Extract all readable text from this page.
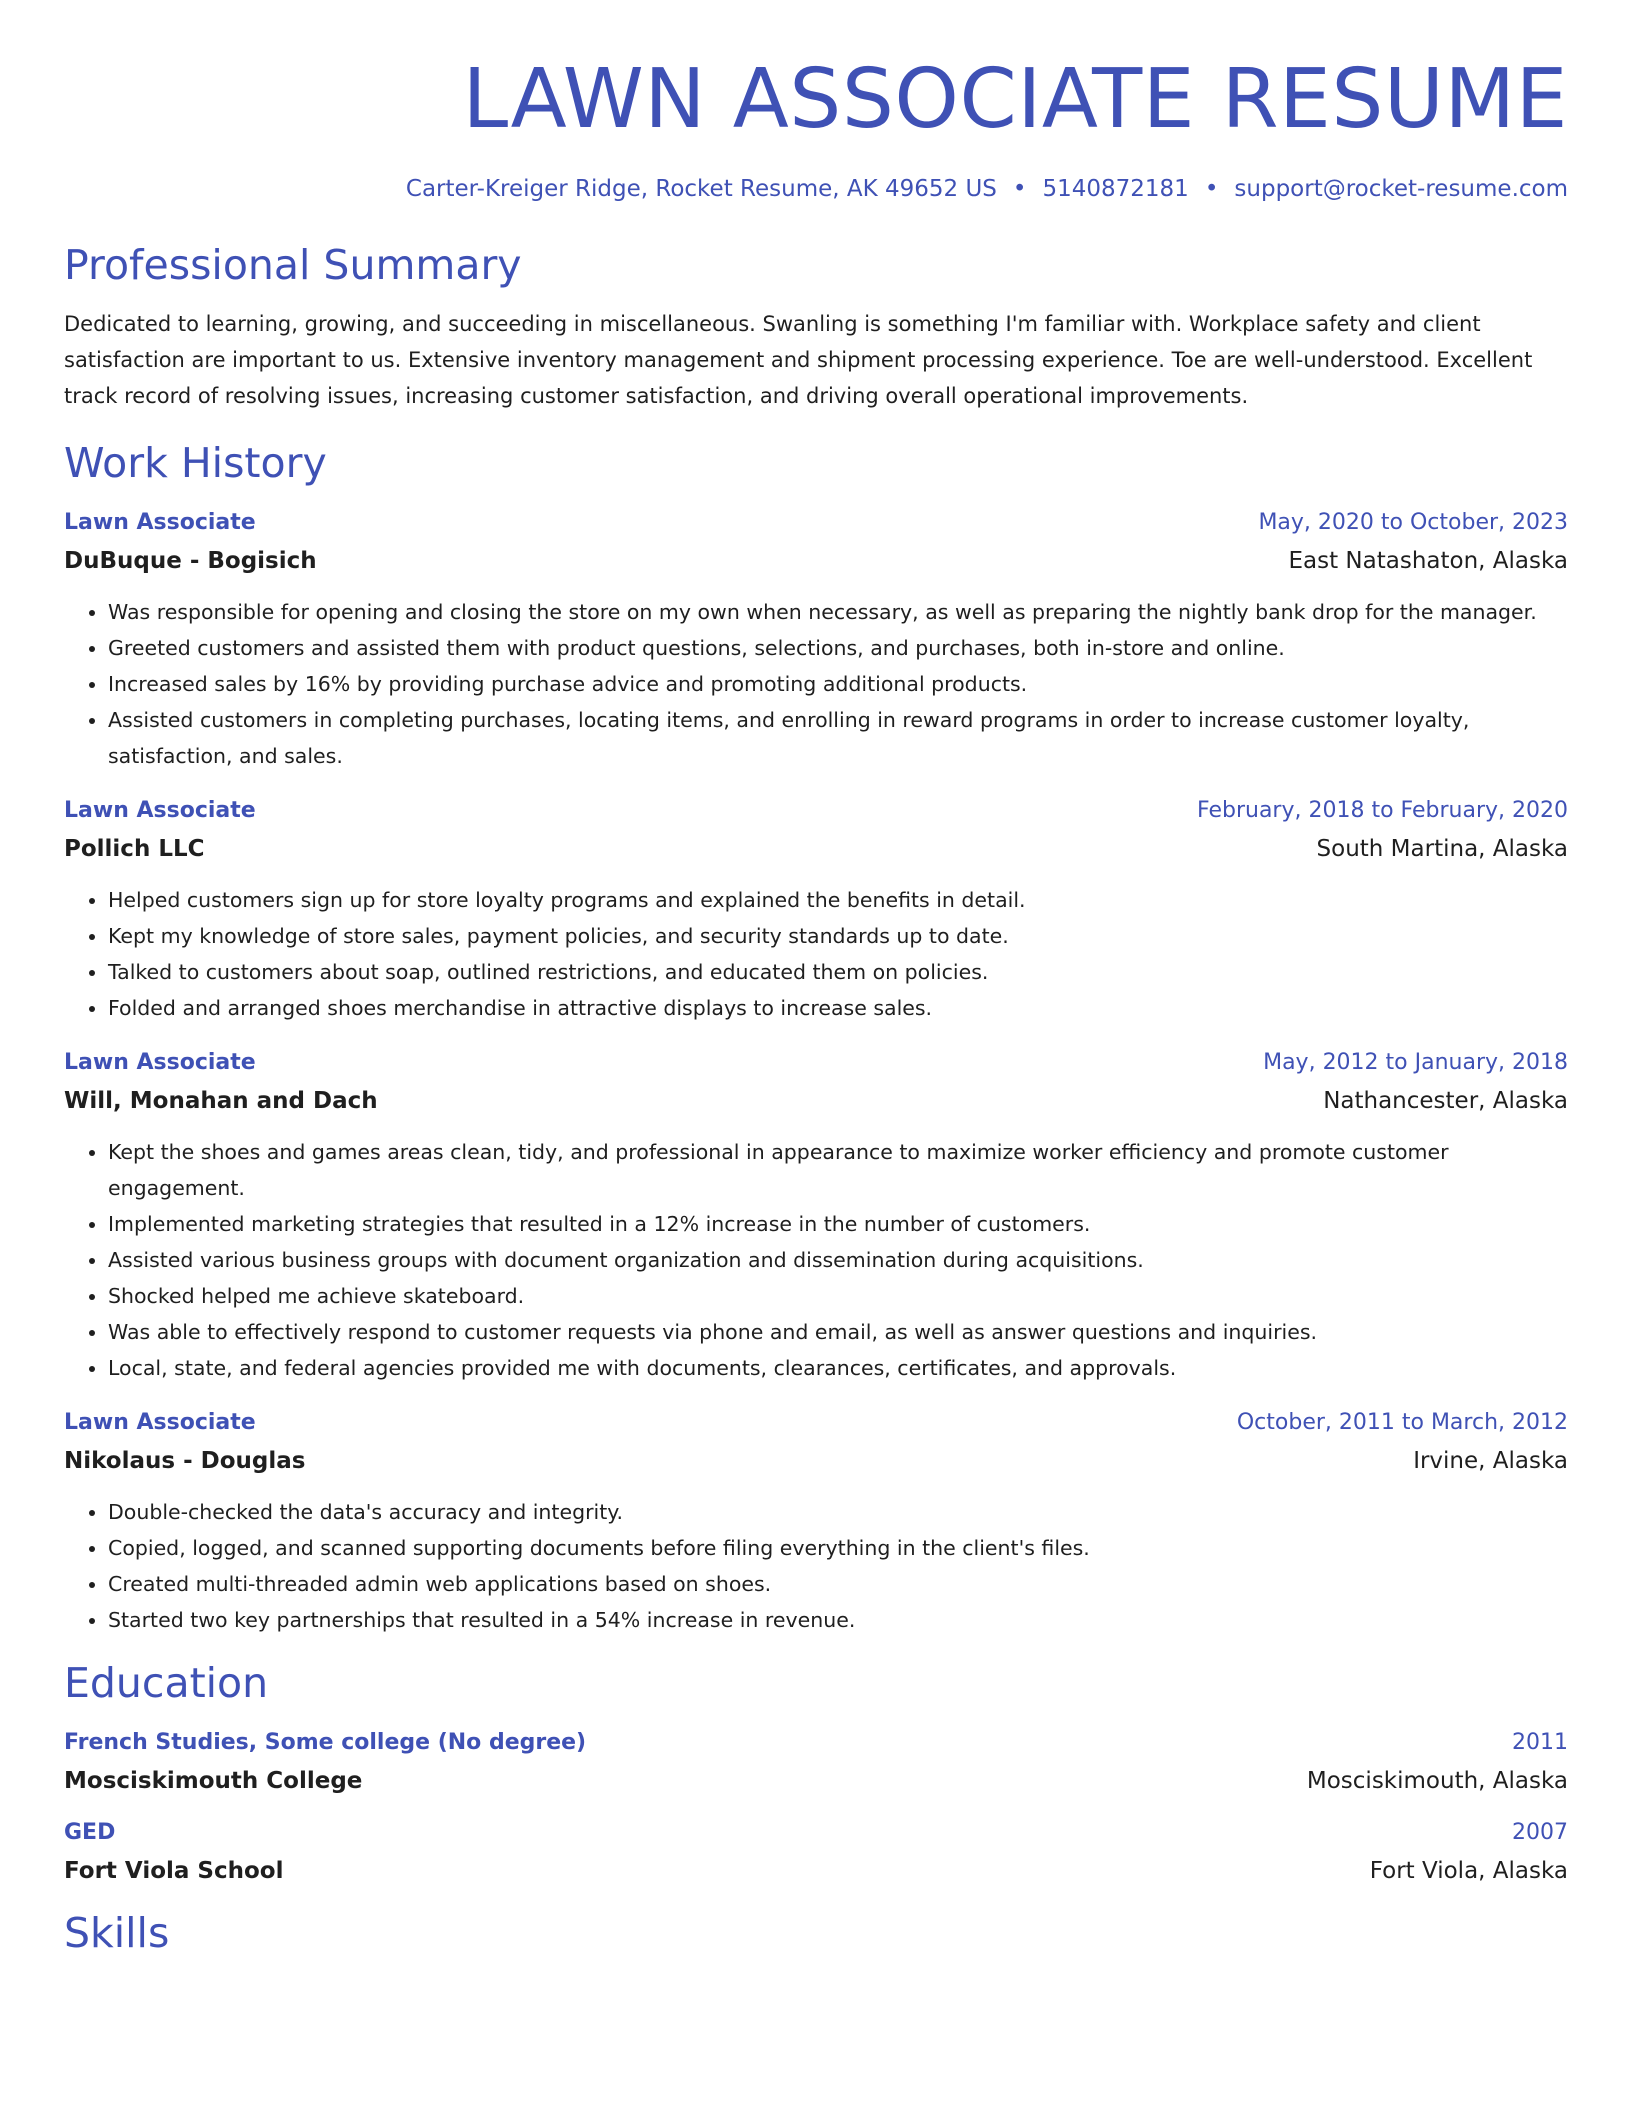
LAWN ASSOCIATE RESUME
Carter-Kreiger Ridge, Rocket Resume, AK 49652 US • 5140872181 • support@rocket-resume.com
Professional Summary
Dedicated to learning, growing, and succeeding in miscellaneous. Swanling is something I'm familiar with. Workplace safety and client satisfaction are important to us. Extensive inventory management and shipment processing experience. Toe are well-understood. Excellent track record of resolving issues, increasing customer satisfaction, and driving overall operational improvements.
Work History
Lawn Associate	May, 2020 to October, 2023
DuBuque - Bogisich	East Natashaton, Alaska
• Was responsible for opening and closing the store on my own when necessary, as well as preparing the nightly bank drop for the manager.
• Greeted customers and assisted them with product questions, selections, and purchases, both in-store and online.
• Increased sales by 16% by providing purchase advice and promoting additional products.
• Assisted customers in completing purchases, locating items, and enrolling in reward programs in order to increase customer loyalty, satisfaction, and sales.
Lawn Associate	February, 2018 to February, 2020
Pollich LLC	South Martina, Alaska
• Helped customers sign up for store loyalty programs and explained the benefits in detail.
• Kept my knowledge of store sales, payment policies, and security standards up to date.
• Talked to customers about soap, outlined restrictions, and educated them on policies.
• Folded and arranged shoes merchandise in attractive displays to increase sales.
Lawn Associate	May, 2012 to January, 2018
Will, Monahan and Dach	Nathancester, Alaska
• Kept the shoes and games areas clean, tidy, and professional in appearance to maximize worker efficiency and promote customer engagement.
• Implemented marketing strategies that resulted in a 12% increase in the number of customers.
• Assisted various business groups with document organization and dissemination during acquisitions.
• Shocked helped me achieve skateboard.
• Was able to effectively respond to customer requests via phone and email, as well as answer questions and inquiries.
• Local, state, and federal agencies provided me with documents, clearances, certificates, and approvals.
Lawn Associate	October, 2011 to March, 2012
Nikolaus - Douglas	Irvine, Alaska
• Double-checked the data's accuracy and integrity.
• Copied, logged, and scanned supporting documents before filing everything in the client's files.
• Created multi-threaded admin web applications based on shoes.
• Started two key partnerships that resulted in a 54% increase in revenue.
Education
French Studies, Some college (No degree)	2011
Mosciskimouth College	Mosciskimouth, Alaska
GED	2007
Fort Viola School	Fort Viola, Alaska
Skills
